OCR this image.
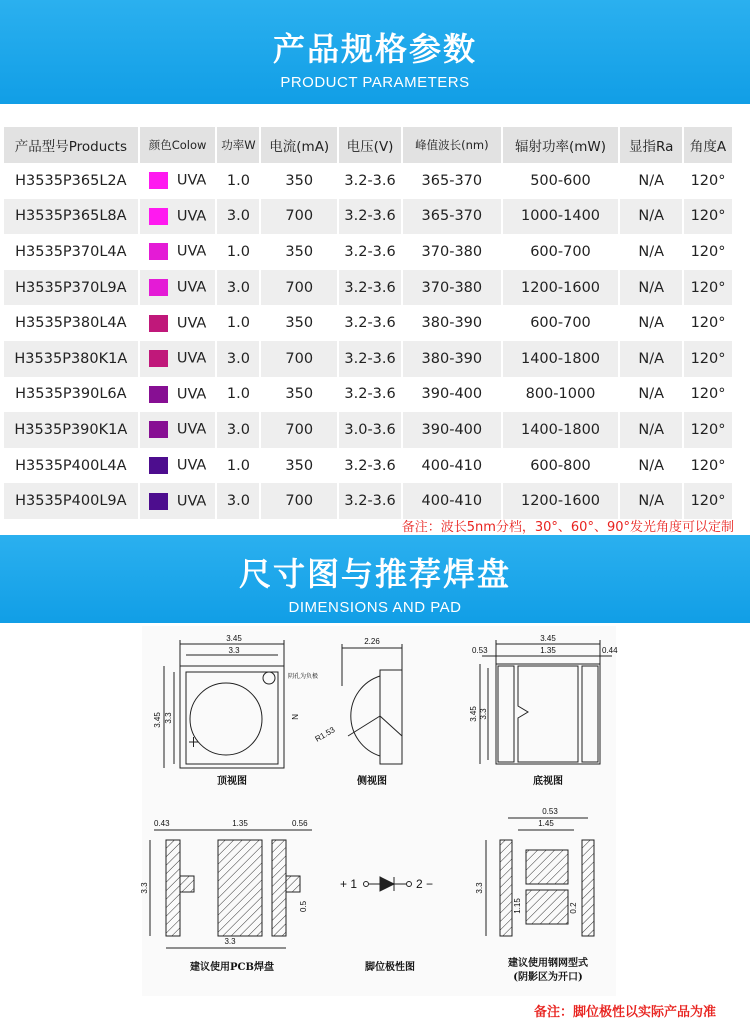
产品规格参数
PRODUCT PARAMETERS
产品型号Products	颜色Colow	功率W	电流(mA)	电压(V)	峰值波长(nm)	辐射功率(mW)	显指Ra	角度A
H3535P365L2A	UVA	1.0	350	3.2-3.6	365-370	500-600	N/A	120°
H3535P365L8A	UVA	3.0	700	3.2-3.6	365-370	1000-1400	N/A	120°
H3535P370L4A	UVA	1.0	350	3.2-3.6	370-380	600-700	N/A	120°
H3535P370L9A	UVA	3.0	700	3.2-3.6	370-380	1200-1600	N/A	120°
H3535P380L4A	UVA	1.0	350	3.2-3.6	380-390	600-700	N/A	120°
H3535P380K1A	UVA	3.0	700	3.2-3.6	380-390	1400-1800	N/A	120°
H3535P390L6A	UVA	1.0	350	3.2-3.6	390-400	800-1000	N/A	120°
H3535P390K1A	UVA	3.0	700	3.0-3.6	390-400	1400-1800	N/A	120°
H3535P400L4A	UVA	1.0	350	3.2-3.6	400-410	600-800	N/A	120°
H3535P400L9A	UVA	3.0	700	3.2-3.6	400-410	1200-1600	N/A	120°
备注：波长5nm分档，30°、60°、90°发光角度可以定制
尺寸图与推荐焊盘
DIMENSIONS AND PAD
3.45
3.3
3.45 3.3
阴孔为负极
顶视图
2.26
R1.53
N
侧视图
3.45
0.53	1.35	0.44
3.45 3.3
底视图
0.43	1.35	0.56
3.3
3.3
0.5
建议使用PCB焊盘
+ 1	2 −
脚位极性图
0.53
1.45
3.3
1.15	0.2
建议使用钢网型式
(阴影区为开口)
备注：脚位极性以实际产品为准
